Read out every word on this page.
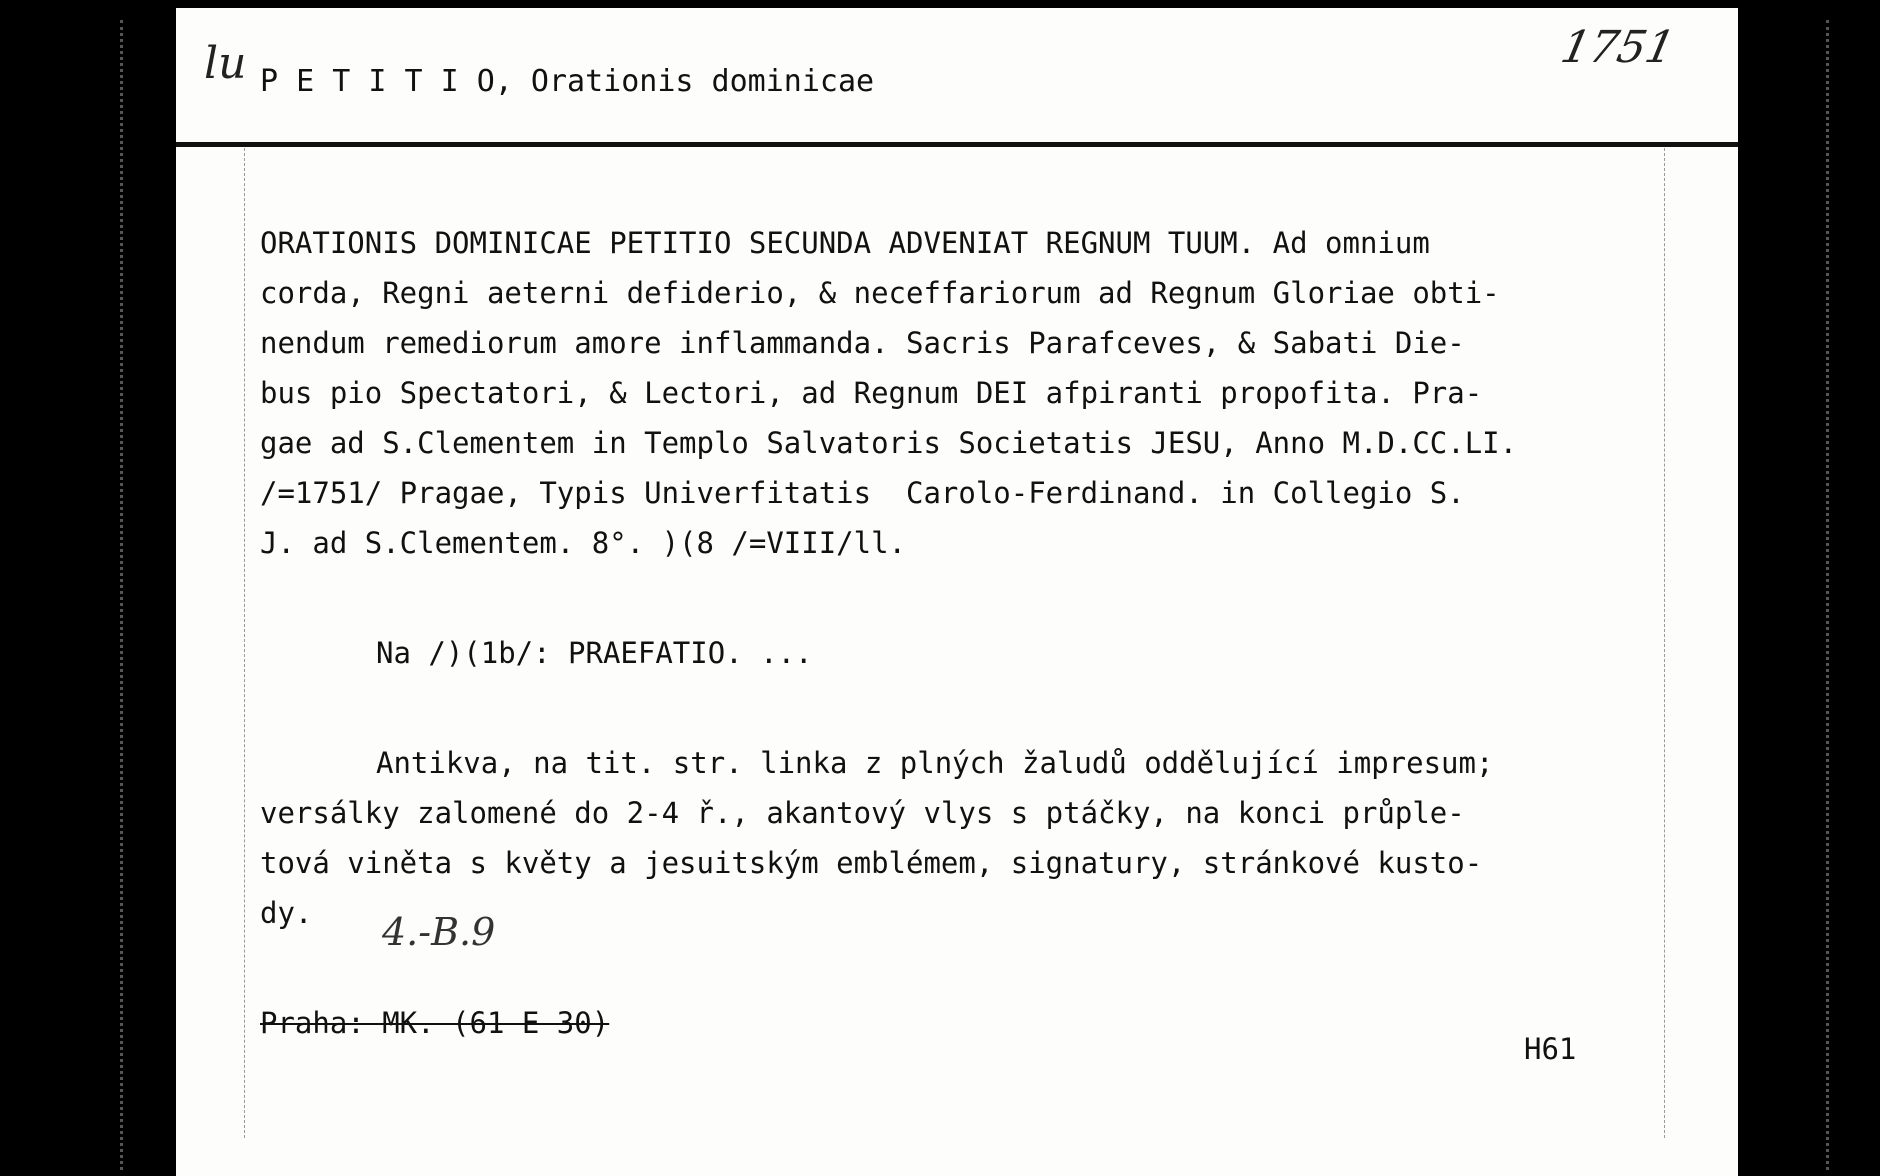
lu P E T I T I O, Orationis dominicae
1751
ORATIONIS DOMINICAE PETITIO SECUNDA ADVENIAT REGNUM TUUM. Ad omnium
corda, Regni aeterni defiderio, & neceffariorum ad Regnum Gloriae obti-
nendum remediorum amore inflammanda. Sacris Parafceves, & Sabati Die-
bus pio Spectatori, & Lectori, ad Regnum DEI afpiranti propofita. Pra-
gae ad S.Clementem in Templo Salvatoris Societatis JESU, Anno M.D.CC.LI.
/=1751/ Pragae, Typis Univerfitatis  Carolo-Ferdinand. in Collegio S.
J. ad S.Clementem. 8°. )(8 /=VIII/ll.
Na /)(1b/: PRAEFATIO. ...
Antikva, na tit. str. linka z plných žaludů oddělující impresum;
versálky zalomené do 2-4 ř., akantový vlys s ptáčky, na konci průple-
tová viněta s květy a jesuitským emblémem, signatury, stránkové kusto-
dy.	4.-B.9
Praha: MK. (61 E 30)
H61
